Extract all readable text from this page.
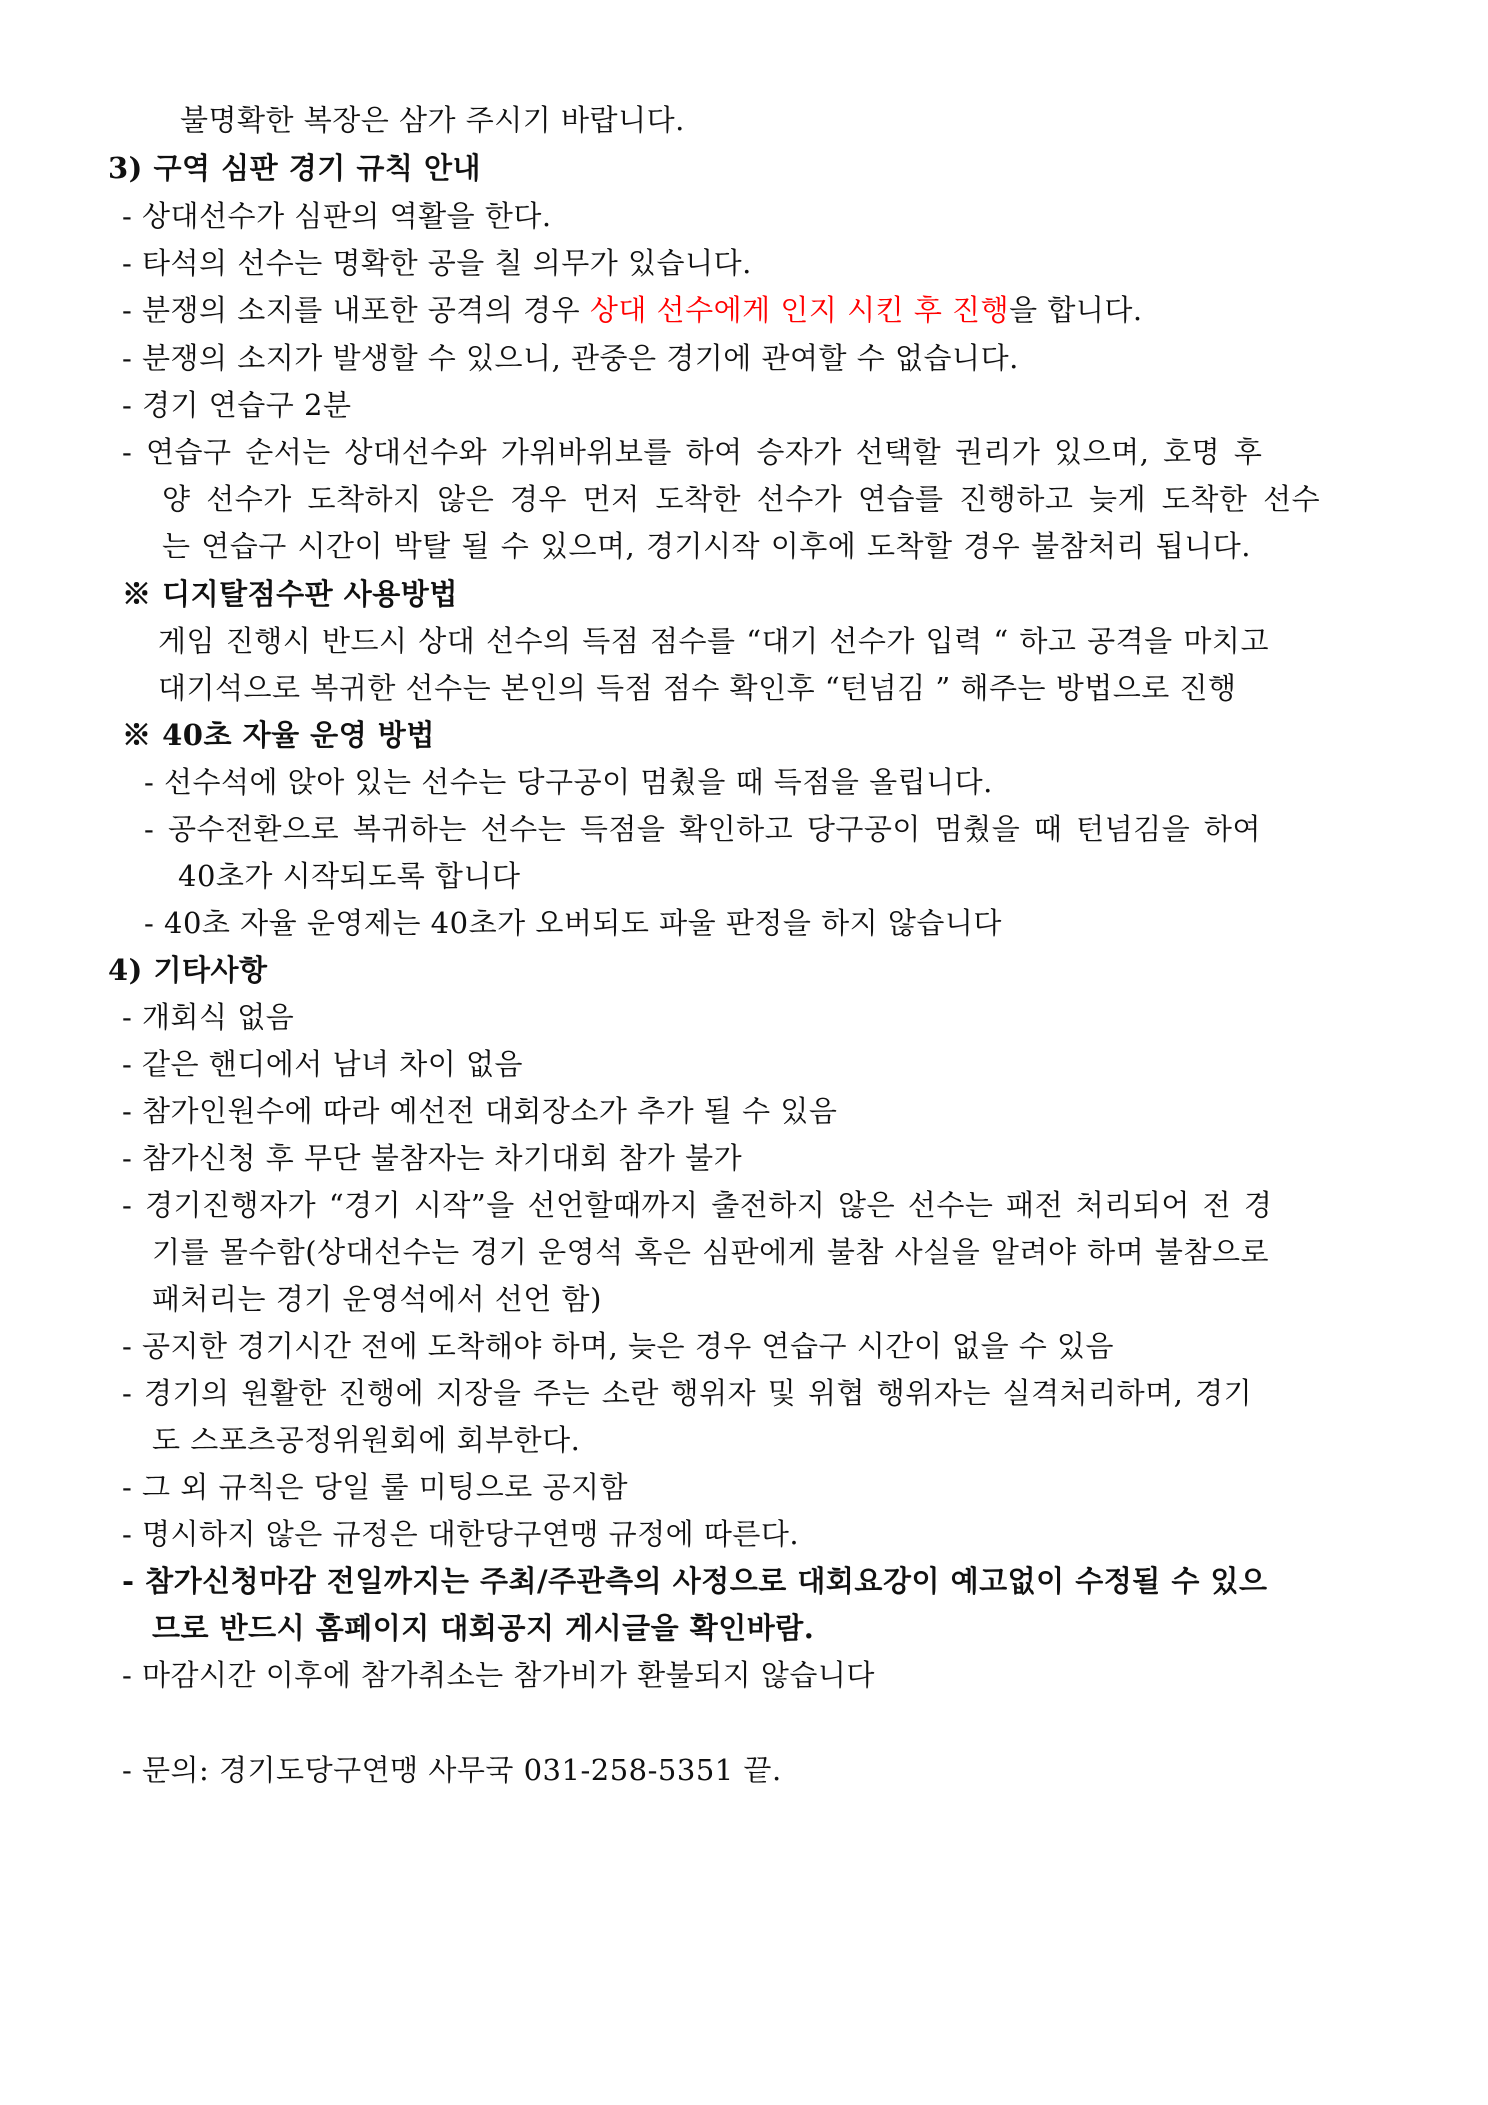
불명확한 복장은 삼가 주시기 바랍니다.
3) 구역 심판 경기 규칙 안내
- 상대선수가 심판의 역활을 한다.
- 타석의 선수는 명확한 공을 칠 의무가 있습니다.
- 분쟁의 소지를 내포한 공격의 경우 상대 선수에게 인지 시킨 후 진행을 합니다.
- 분쟁의 소지가 발생할 수 있으니, 관중은 경기에 관여할 수 없습니다.
- 경기 연습구 2분
- 연습구 순서는 상대선수와 가위바위보를 하여 승자가 선택할 권리가 있으며, 호명 후
양 선수가 도착하지 않은 경우 먼저 도착한 선수가 연습를 진행하고 늦게 도착한 선수
는 연습구 시간이 박탈 될 수 있으며, 경기시작 이후에 도착할 경우 불참처리 됩니다.
※ 디지탈점수판 사용방법
게임 진행시 반드시 상대 선수의 득점 점수를 “대기 선수가 입력 “ 하고 공격을 마치고
대기석으로 복귀한 선수는 본인의 득점 점수 확인후 “턴넘김 ” 해주는 방법으로 진행
※ 40초 자율 운영 방법
- 선수석에 앉아 있는 선수는 당구공이 멈췄을 때 득점을 올립니다.
- 공수전환으로 복귀하는 선수는 득점을 확인하고 당구공이 멈췄을 때 턴넘김을 하여
40초가 시작되도록 합니다
- 40초 자율 운영제는 40초가 오버되도 파울 판정을 하지 않습니다
4) 기타사항
- 개회식 없음
- 같은 핸디에서 남녀 차이 없음
- 참가인원수에 따라 예선전 대회장소가 추가 될 수 있음
- 참가신청 후 무단 불참자는 차기대회 참가 불가
- 경기진행자가 “경기 시작”을 선언할때까지 출전하지 않은 선수는 패전 처리되어 전 경
기를 몰수함(상대선수는 경기 운영석 혹은 심판에게 불참 사실을 알려야 하며 불참으로
패처리는 경기 운영석에서 선언 함)
- 공지한 경기시간 전에 도착해야 하며, 늦은 경우 연습구 시간이 없을 수 있음
- 경기의 원활한 진행에 지장을 주는 소란 행위자 및 위협 행위자는 실격처리하며, 경기
도 스포츠공정위원회에 회부한다.
- 그 외 규칙은 당일 룰 미팅으로 공지함
- 명시하지 않은 규정은 대한당구연맹 규정에 따른다.
- 참가신청마감 전일까지는 주최/주관측의 사정으로 대회요강이 예고없이 수정될 수 있으
므로 반드시 홈페이지 대회공지 게시글을 확인바람.
- 마감시간 이후에 참가취소는 참가비가 환불되지 않습니다
- 문의: 경기도당구연맹 사무국 031-258-5351 끝.
